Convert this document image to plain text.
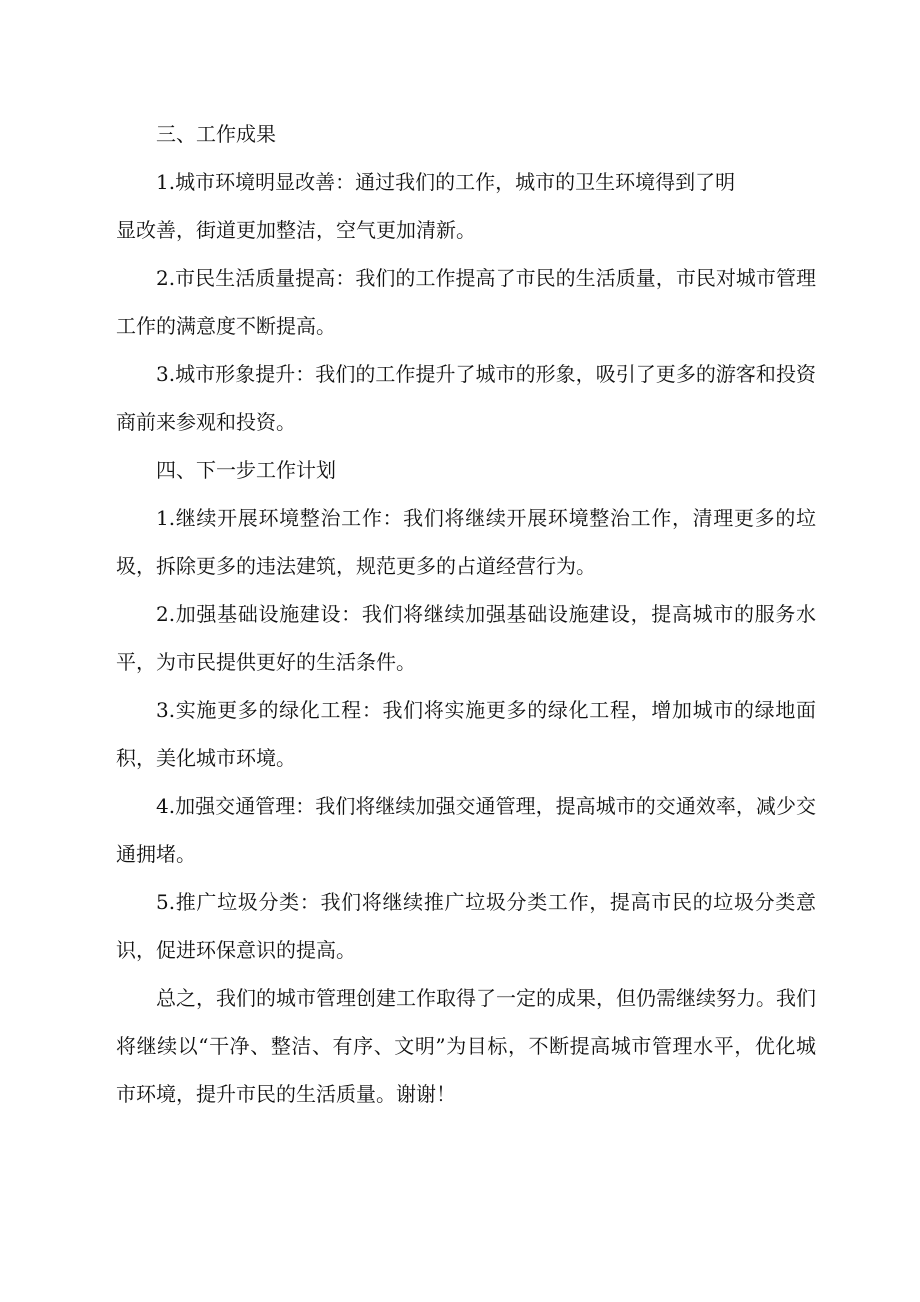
三、工作成果

1.城市环境明显改善：通过我们的工作，城市的卫生环境得到了明
显改善，街道更加整洁，空气更加清新。

2.市民生活质量提高：我们的工作提高了市民的生活质量，市民对城市管理工作的满意度不断提高。

3.城市形象提升：我们的工作提升了城市的形象，吸引了更多的游客和投资商前来参观和投资。

四、下一步工作计划

1.继续开展环境整治工作：我们将继续开展环境整治工作，清理更多的垃圾，拆除更多的违法建筑，规范更多的占道经营行为。

2.加强基础设施建设：我们将继续加强基础设施建设，提高城市的服务水平，为市民提供更好的生活条件。

3.实施更多的绿化工程：我们将实施更多的绿化工程，增加城市的绿地面积，美化城市环境。

4.加强交通管理：我们将继续加强交通管理，提高城市的交通效率，减少交通拥堵。

5.推广垃圾分类：我们将继续推广垃圾分类工作，提高市民的垃圾分类意识，促进环保意识的提高。

总之，我们的城市管理创建工作取得了一定的成果，但仍需继续努力。我们将继续以“干净、整洁、有序、文明”为目标，不断提高城市管理水平，优化城市环境，提升市民的生活质量。谢谢！
